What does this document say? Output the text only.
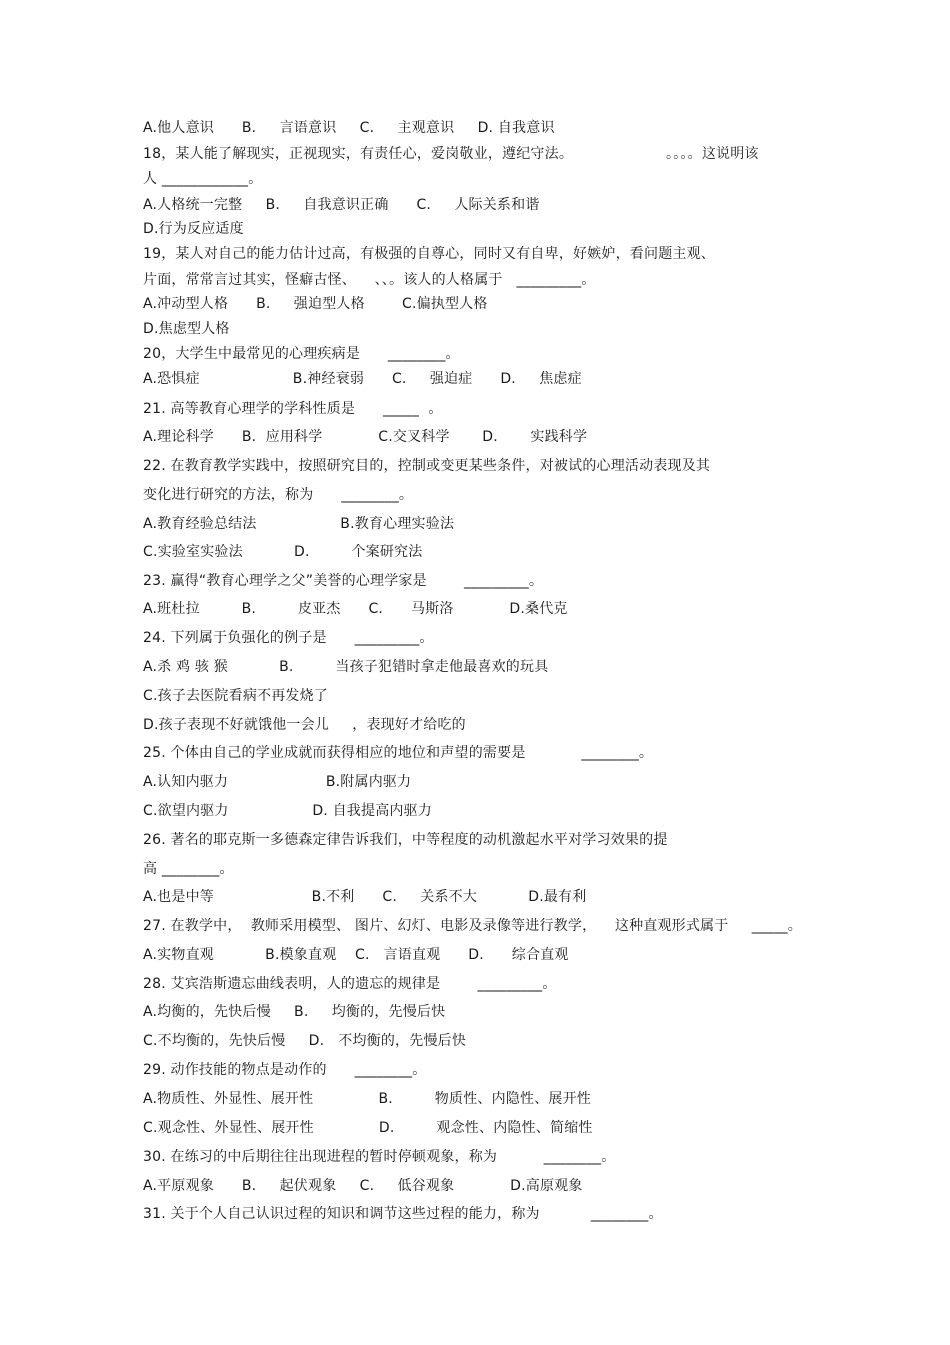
A.他人意识      B.     言语意识     C.     主观意识     D. 自我意识
18，某人能了解现实，正视现实，有责任心，爱岗敬业，遵纪守法。                    。。。。这说明该
人 ____________。
A.人格统一完整     B.     自我意识正确      C.     人际关系和谐
D.行为反应适度
19，某人对自己的能力估计过高，有极强的自尊心，同时又有自卑，好嫉妒，看问题主观、
片面，常常言过其实，怪癖古怪、    、、。该人的人格属于   _________。
A.冲动型人格      B.     强迫型人格        C.偏执型人格
D.焦虑型人格
20，大学生中最常见的心理疾病是      ________。
A.恐惧症                    B.神经衰弱      C.     强迫症      D.     焦虑症
21. 高等教育心理学的学科性质是      _____  。
A.理论科学      B.  应用科学            C.交叉科学       D.       实践科学
22. 在教育教学实践中，按照研究目的，控制或变更某些条件，对被试的心理活动表现及其
变化进行研究的方法，称为      ________。
A.教育经验总结法                  B.教育心理实验法
C.实验室实验法           D.         个案研究法
23. 赢得“教育心理学之父”美誉的心理学家是        _________。
A.班杜拉         B.         皮亚杰      C.      马斯洛            D.桑代克
24. 下列属于负强化的例子是      _________。
A.杀 鸡 骇 猴           B.         当孩子犯错时拿走他最喜欢的玩具
C.孩子去医院看病不再发烧了
D.孩子表现不好就饿他一会儿     ，表现好才给吃的
25. 个体由自己的学业成就而获得相应的地位和声望的需要是            ________。
A.认知内驱力                     B.附属内驱力
C.欲望内驱力                  D. 自我提高内驱力
26. 著名的耶克斯一多德森定律告诉我们，中等程度的动机激起水平对学习效果的提
高 ________。
A.也是中等                     B.不利      C.     关系不大           D.最有利
27. 在教学中，  教师采用模型、 图片、幻灯、电影及录像等进行教学，    这种直观形式属于     _____。
A.实物直观           B.模象直观    C.   言语直观      D.      综合直观
28. 艾宾浩斯遗忘曲线表明，人的遗忘的规律是        _________。
A.均衡的，先快后慢     B.     均衡的，先慢后快
C.不均衡的，先快后慢     D.   不均衡的，先慢后快
29. 动作技能的物点是动作的      ________。
A.物质性、外显性、展开性              B.         物质性、内隐性、展开性
C.观念性、外显性、展开性              D.         观念性、内隐性、简缩性
30. 在练习的中后期往往出现进程的暂时停顿观象，称为          ________。
A.平原观象      B.     起伏观象     C.     低谷观象            D.高原观象
31. 关于个人自己认识过程的知识和调节这些过程的能力，称为           ________。
